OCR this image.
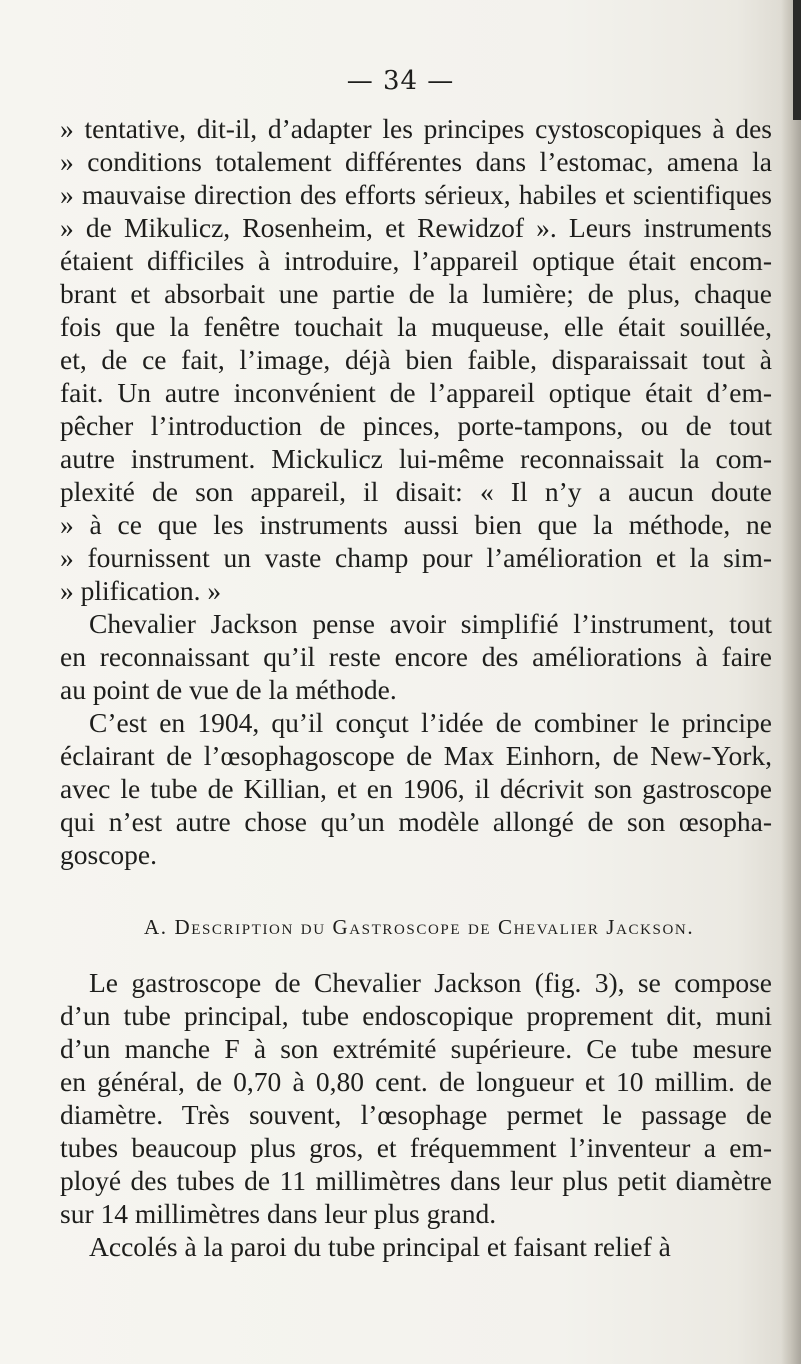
— 34 —
» tentative, dit-il, d’adapter les principes cystoscopiques à des
» conditions totalement différentes dans l’estomac, amena la
» mauvaise direction des efforts sérieux, habiles et scientifiques
» de Mikulicz, Rosenheim, et Rewidzof ». Leurs instruments
étaient difficiles à introduire, l’appareil optique était encom-
brant et absorbait une partie de la lumière; de plus, chaque
fois que la fenêtre touchait la muqueuse, elle était souillée,
et, de ce fait, l’image, déjà bien faible, disparaissait tout à
fait. Un autre inconvénient de l’appareil optique était d’em-
pêcher l’introduction de pinces, porte-tampons, ou de tout
autre instrument. Mickulicz lui-même reconnaissait la com-
plexité de son appareil, il disait: « Il n’y a aucun doute
» à ce que les instruments aussi bien que la méthode, ne
» fournissent un vaste champ pour l’amélioration et la sim-
» plification. »
Chevalier Jackson pense avoir simplifié l’instrument, tout
en reconnaissant qu’il reste encore des améliorations à faire
au point de vue de la méthode.
C’est en 1904, qu’il conçut l’idée de combiner le principe
éclairant de l’œsophagoscope de Max Einhorn, de New-York,
avec le tube de Killian, et en 1906, il décrivit son gastroscope
qui n’est autre chose qu’un modèle allongé de son œsopha-
goscope.
A. Description du Gastroscope de Chevalier Jackson.
Le gastroscope de Chevalier Jackson (fig. 3), se compose
d’un tube principal, tube endoscopique proprement dit, muni
d’un manche F à son extrémité supérieure. Ce tube mesure
en général, de 0,70 à 0,80 cent. de longueur et 10 millim. de
diamètre. Très souvent, l’œsophage permet le passage de
tubes beaucoup plus gros, et fréquemment l’inventeur a em-
ployé des tubes de 11 millimètres dans leur plus petit diamètre
sur 14 millimètres dans leur plus grand.
Accolés à la paroi du tube principal et faisant relief à
